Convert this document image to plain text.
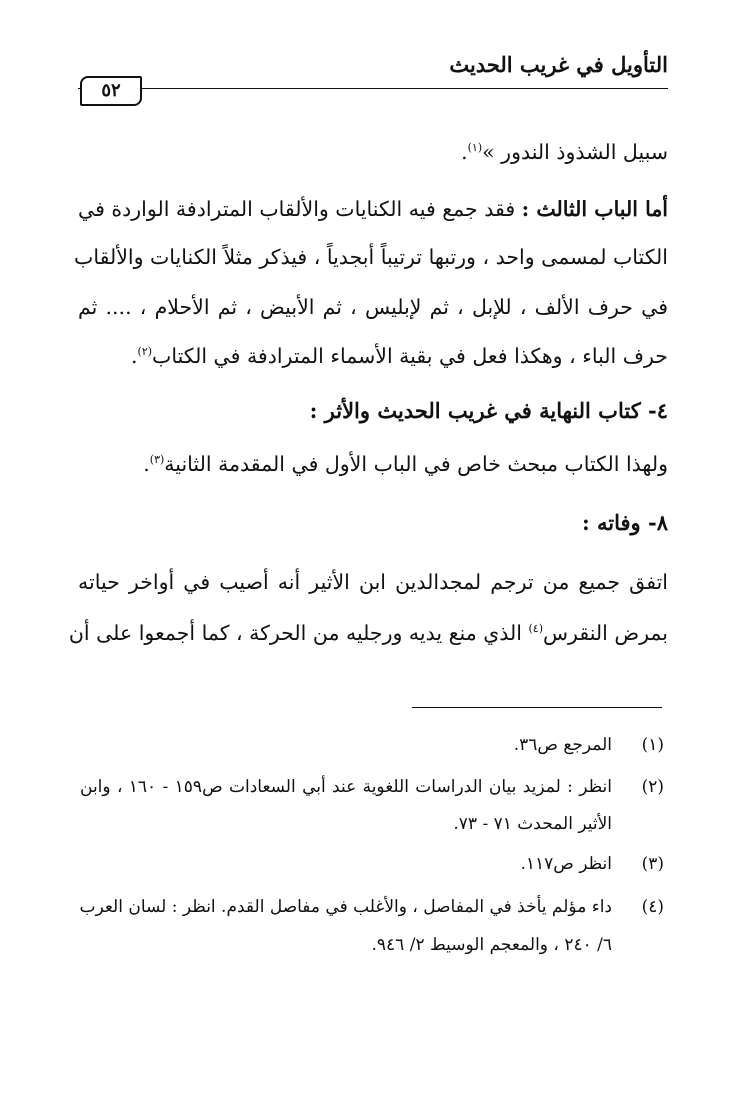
التأويل في غريب الحديث
٥٢
سبيل الشذوذ الندور »$^{(١)}$.
أما الباب الثالث : فقد جمع فيه الكنايات والألقاب المترادفة الواردة في
الكتاب لمسمى واحد ، ورتبها ترتيباً أبجدياً ، فيذكر مثلاً الكنايات والألقاب
في حرف الألف ، للإبل ، ثم لإبليس ، ثم الأبيض ، ثم الأحلام ، .... ثم
حرف الباء ، وهكذا فعل في بقية الأسماء المترادفة في الكتاب$^{(٢)}$.
٤- كتاب النهاية في غريب الحديث والأثر :
ولهذا الكتاب مبحث خاص في الباب الأول في المقدمة الثانية$^{(٣)}$.
٨- وفاته :
اتفق جميع من ترجم لمجدالدين ابن الأثير أنه أصيب في أواخر حياته
بمرض النقرس$^{(٤)}$ الذي منع يديه ورجليه من الحركة ، كما أجمعوا على أن
(١)
المرجع ص٣٦.
(٢)
انظر : لمزيد بيان الدراسات اللغوية عند أبي السعادات ص١٥٩ - ١٦٠ ، وابن
الأثير المحدث ٧١ - ٧٣.
(٣)
انظر ص١١٧.
(٤)
داء مؤلم يأخذ في المفاصل ، والأغلب في مفاصل القدم. انظر : لسان العرب
٦/ ٢٤٠ ، والمعجم الوسيط ٢/ ٩٤٦.
